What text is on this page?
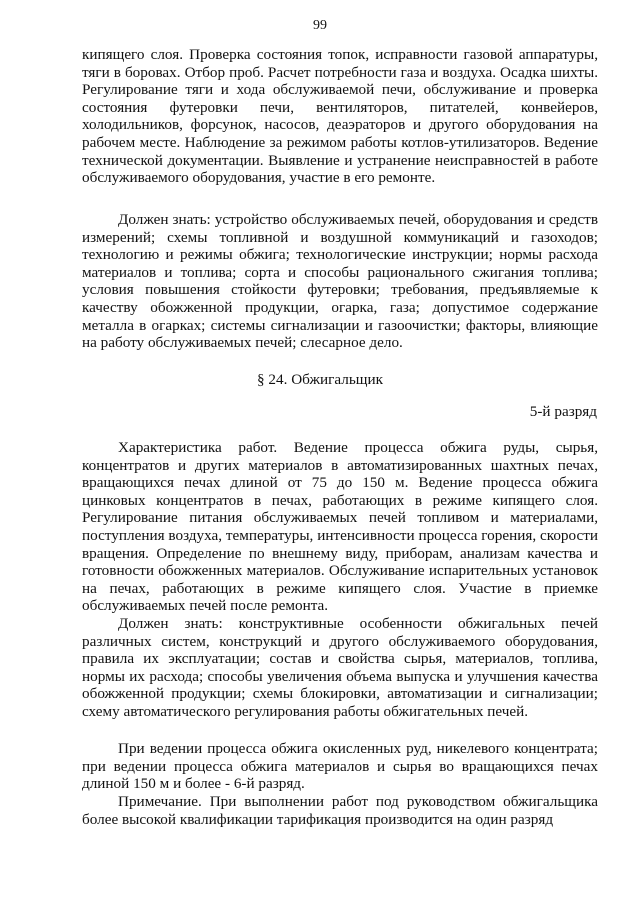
99

кипящего слоя. Проверка состояния топок, исправности газовой аппаратуры, тяги в боровах. Отбор проб. Расчет потребности газа и воздуха. Осадка шихты. Регулирование тяги и хода обслуживаемой печи, обслуживание и проверка состояния футеровки печи, вентиляторов, питателей, конвейеров, холодильников, форсунок, насосов, деаэраторов и другого оборудования на рабочем месте. Наблюдение за режимом работы котлов-утилизаторов. Ведение технической документации. Выявление и устранение неисправностей в работе обслуживаемого оборудования, участие в его ремонте.

Должен знать: устройство обслуживаемых печей, оборудования и средств измерений; схемы топливной и воздушной коммуникаций и газоходов; технологию и режимы обжига; технологические инструкции; нормы расхода материалов и топлива; сорта и способы рационального сжигания топлива; условия повышения стойкости футеровки; требования, предъявляемые к качеству обожженной продукции, огарка, газа; допустимое содержание металла в огарках; системы сигнализации и газоочистки; факторы, влияющие на работу обслуживаемых печей; слесарное дело.

§ 24. Обжигальщик
5-й разряд

Характеристика работ. Ведение процесса обжига руды, сырья, концентратов и других материалов в автоматизированных шахтных печах, вращающихся печах длиной от 75 до 150 м. Ведение процесса обжига цинковых концентратов в печах, работающих в режиме кипящего слоя. Регулирование питания обслуживаемых печей топливом и материалами, поступления воздуха, температуры, интенсивности процесса горения, скорости вращения. Определение по внешнему виду, приборам, анализам качества и готовности обожженных материалов. Обслуживание испарительных установок на печах, работающих в режиме кипящего слоя. Участие в приемке обслуживаемых печей после ремонта.

Должен знать: конструктивные особенности обжигальных печей различных систем, конструкций и другого обслуживаемого оборудования, правила их эксплуатации; состав и свойства сырья, материалов, топлива, нормы их расхода; способы увеличения объема выпуска и улучшения качества обожженной продукции; схемы блокировки, автоматизации и сигнализации; схему автоматического регулирования работы обжигательных печей.

При ведении процесса обжига окисленных руд, никелевого концентрата; при ведении процесса обжига материалов и сырья во вращающихся печах длиной 150 м и более - 6-й разряд.

Примечание. При выполнении работ под руководством обжигальщика более высокой квалификации тарификация производится на один разряд
